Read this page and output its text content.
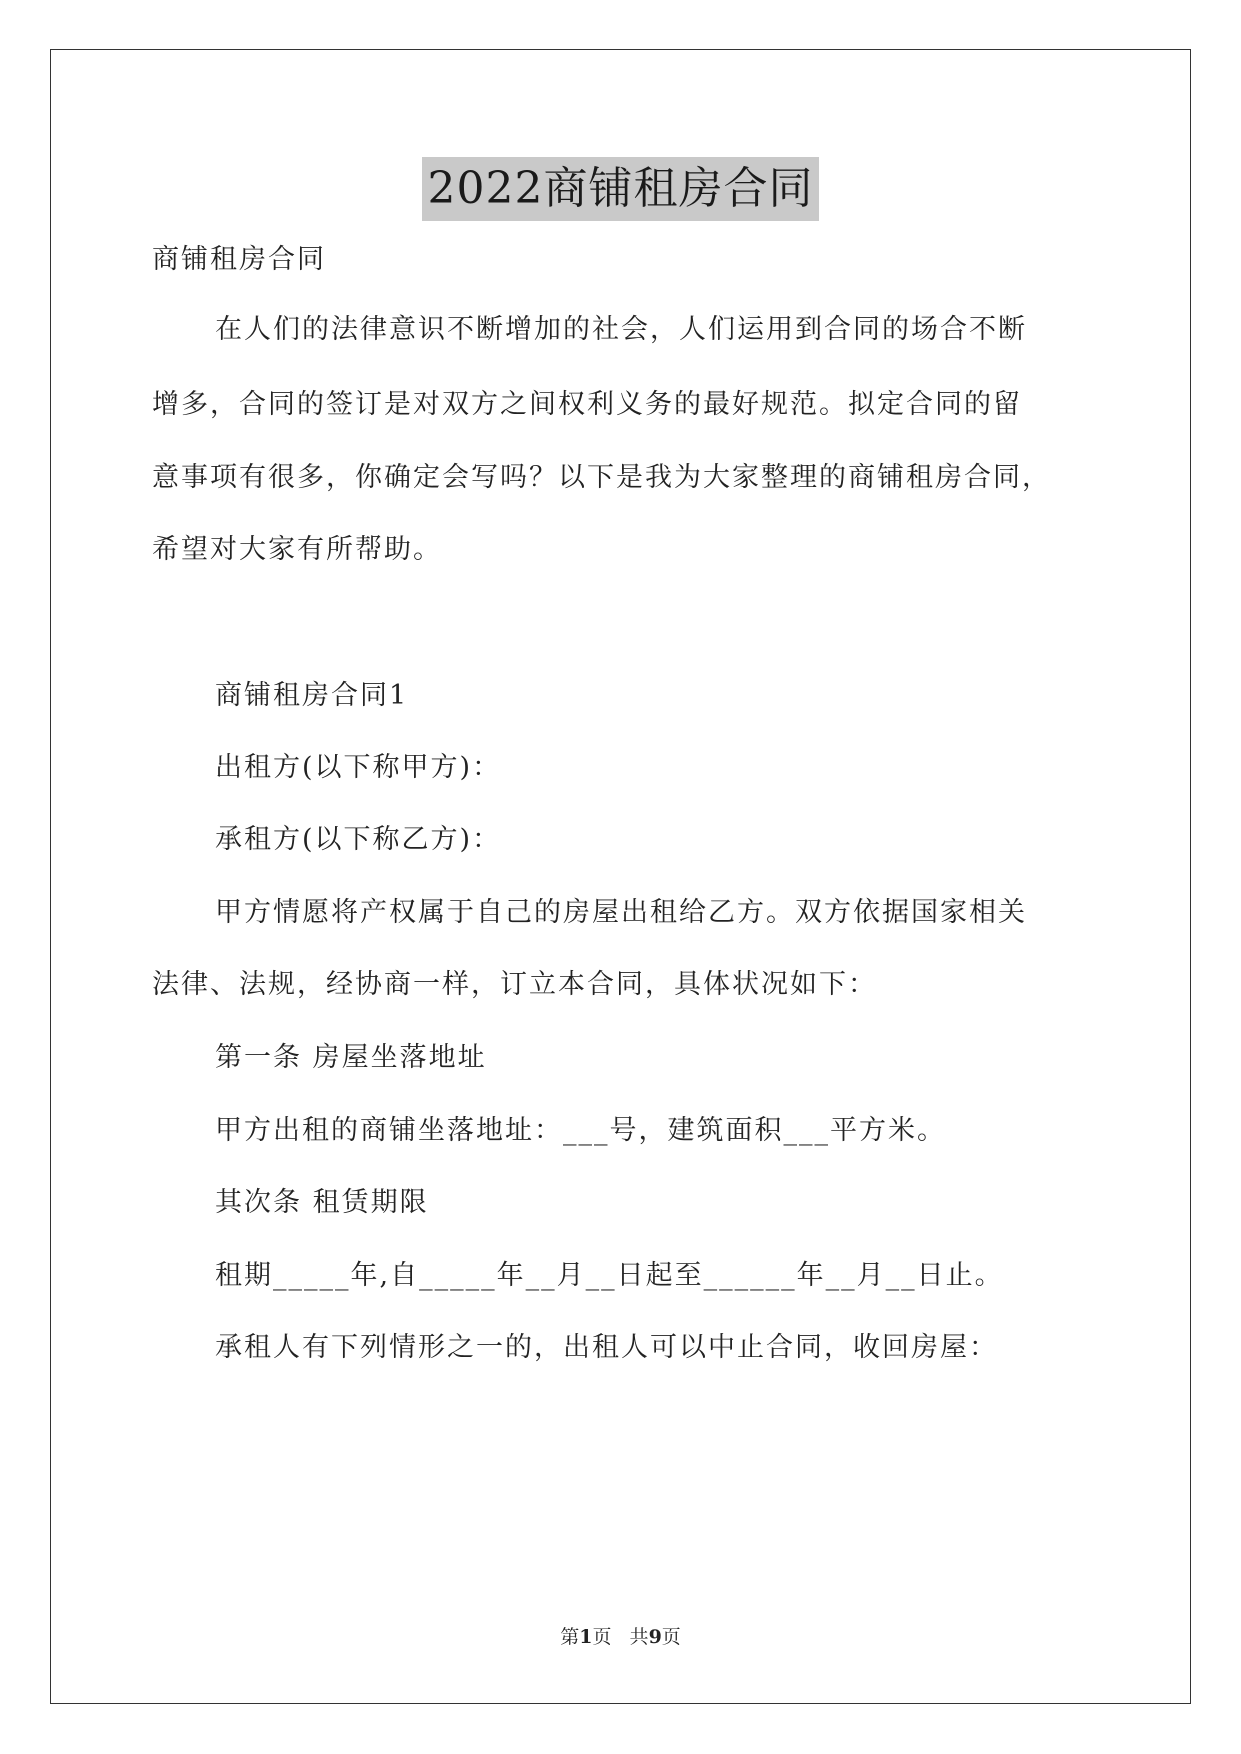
2022商铺租房合同
商铺租房合同
在人们的法律意识不断增加的社会，人们运用到合同的场合不断
增多，合同的签订是对双方之间权利义务的最好规范。拟定合同的留
意事项有很多，你确定会写吗？以下是我为大家整理的商铺租房合同，
希望对大家有所帮助。
商铺租房合同1
出租方(以下称甲方)：
承租方(以下称乙方)：
甲方情愿将产权属于自己的房屋出租给乙方。双方依据国家相关
法律、法规，经协商一样，订立本合同，具体状况如下：
第一条 房屋坐落地址
甲方出租的商铺坐落地址：___号，建筑面积___平方米。
其次条 租赁期限
租期_____年,自_____年__月__日起至______年__月__日止。
承租人有下列情形之一的，出租人可以中止合同，收回房屋：
第1页   共9页
